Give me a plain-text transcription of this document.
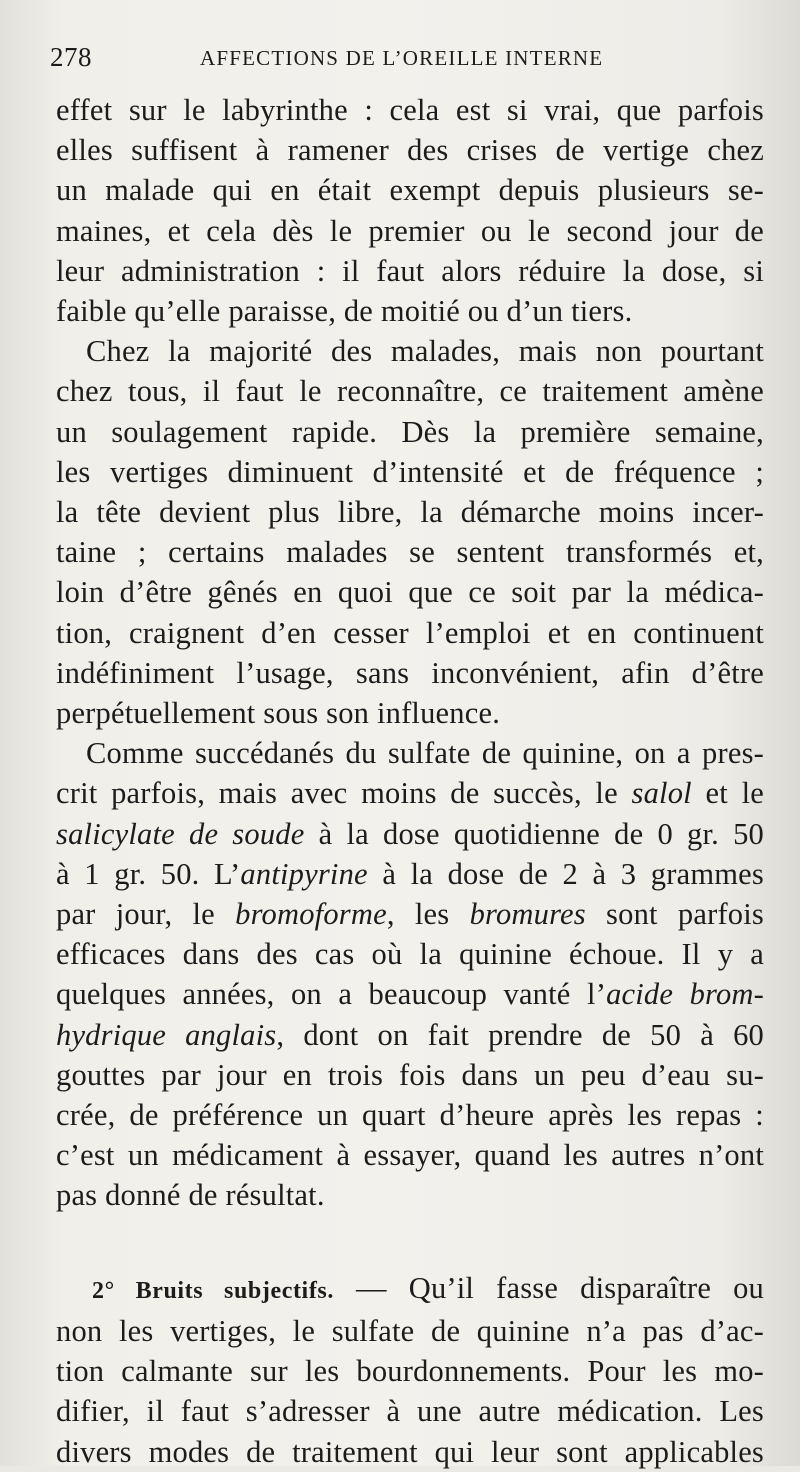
278	AFFECTIONS DE L’OREILLE INTERNE

effet sur le labyrinthe : cela est si vrai, que parfois
elles suffisent à ramener des crises de vertige chez
un malade qui en était exempt depuis plusieurs se-
maines, et cela dès le premier ou le second jour de
leur administration : il faut alors réduire la dose, si
faible qu’elle paraisse, de moitié ou d’un tiers.

Chez la majorité des malades, mais non pourtant
chez tous, il faut le reconnaître, ce traitement amène
un soulagement rapide. Dès la première semaine,
les vertiges diminuent d’intensité et de fréquence ;
la tête devient plus libre, la démarche moins incer-
taine ; certains malades se sentent transformés et,
loin d’être gênés en quoi que ce soit par la médica-
tion, craignent d’en cesser l’emploi et en continuent
indéfiniment l’usage, sans inconvénient, afin d’être
perpétuellement sous son influence.

Comme succédanés du sulfate de quinine, on a pres-
crit parfois, mais avec moins de succès, le salol et le
salicylate de soude à la dose quotidienne de 0 gr. 50
à 1 gr. 50. L’antipyrine à la dose de 2 à 3 grammes
par jour, le bromoforme, les bromures sont parfois
efficaces dans des cas où la quinine échoue. Il y a
quelques années, on a beaucoup vanté l’acide brom-
hydrique anglais, dont on fait prendre de 50 à 60
gouttes par jour en trois fois dans un peu d’eau su-
crée, de préférence un quart d’heure après les repas :
c’est un médicament à essayer, quand les autres n’ont
pas donné de résultat.

2° Bruits subjectifs. — Qu’il fasse disparaître ou
non les vertiges, le sulfate de quinine n’a pas d’ac-
tion calmante sur les bourdonnements. Pour les mo-
difier, il faut s’adresser à une autre médication. Les
divers modes de traitement qui leur sont applicables
